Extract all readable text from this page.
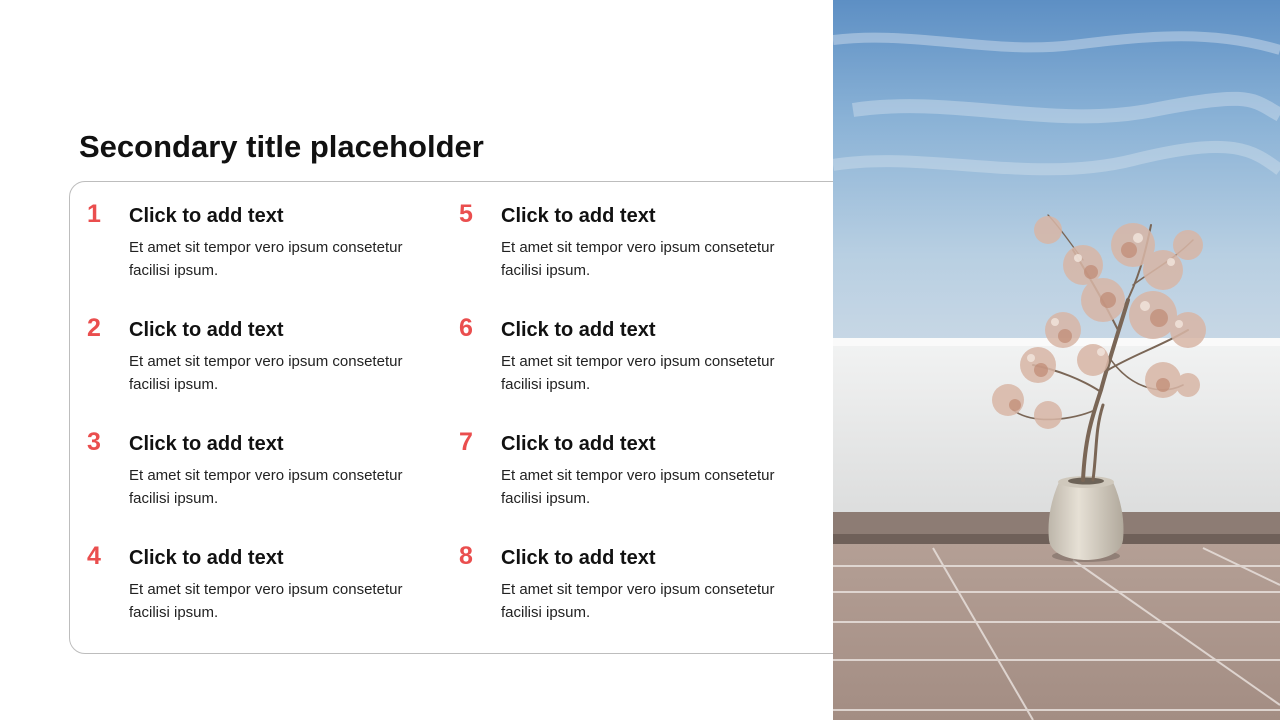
Secondary title placeholder
1	Click to add text
Et amet sit tempor vero ipsum consetetur facilisi ipsum.
2	Click to add text
Et amet sit tempor vero ipsum consetetur facilisi ipsum.
3	Click to add text
Et amet sit tempor vero ipsum consetetur facilisi ipsum.
4	Click to add text
Et amet sit tempor vero ipsum consetetur facilisi ipsum.
5	Click to add text
Et amet sit tempor vero ipsum consetetur facilisi ipsum.
6	Click to add text
Et amet sit tempor vero ipsum consetetur facilisi ipsum.
7	Click to add text
Et amet sit tempor vero ipsum consetetur facilisi ipsum.
8	Click to add text
Et amet sit tempor vero ipsum consetetur facilisi ipsum.
